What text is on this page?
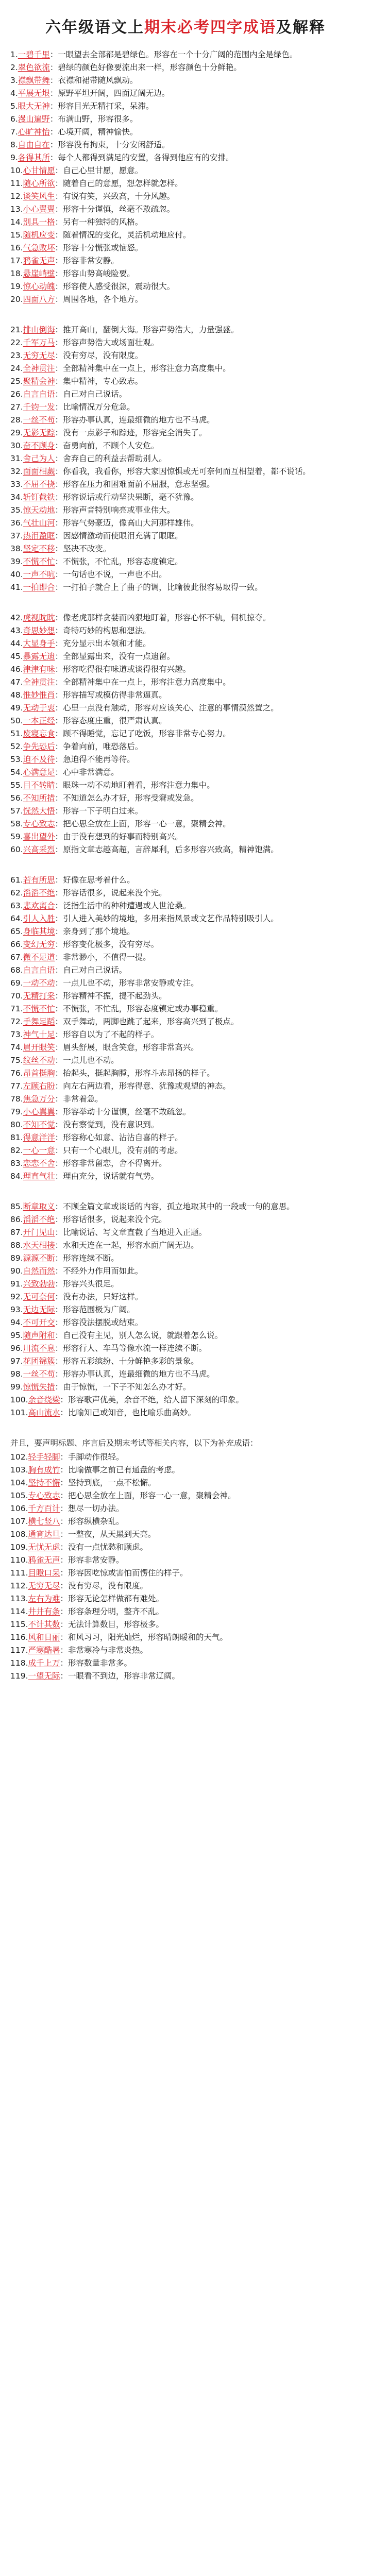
六年级语文上期末必考四字成语及解释

1.一碧千里：一眼望去全部都是碧绿色。形容在一个十分广阔的范围内全是绿色。

2.翠色欲流：碧绿的颜色好像要流出来一样，形容颜色十分鲜艳。

3.襟飘带舞：衣襟和裙带随风飘动。

4.平展无垠：原野平坦开阔，四面辽阔无边。

5.眼大无神：形容目光无精打采，呆滞。

6.漫山遍野：布满山野，形容很多。

7.心旷神怡：心境开阔，精神愉快。

8.自由自在：形容没有拘束，十分安闲舒适。

9.各得其所：每个人都得到满足的安置，各得到他应有的安排。

10.心甘情愿：自己心里甘愿，愿意。

11.随心所欲：随着自己的意愿，想怎样就怎样。

12.谈笑风生：有说有笑，兴致高，十分风趣。

13.小心翼翼：形容十分谨慎，丝毫不敢疏忽。

14.别具一格：另有一种独特的风格。

15.随机应变：随着情况的变化，灵活机动地应付。

16.气急败坏：形容十分慌张或恼怒。

17.鸦雀无声：形容非常安静。

18.悬崖峭壁：形容山势高峻险要。

19.惊心动魄：形容使人感受很深，震动很大。

20.四面八方：周围各地，各个地方。

21.排山倒海：推开高山，翻倒大海。形容声势浩大，力量强盛。

22.千军万马：形容声势浩大或场面壮观。

23.无穷无尽：没有穷尽，没有限度。

24.全神贯注：全部精神集中在一点上，形容注意力高度集中。

25.聚精会神：集中精神，专心致志。

26.自言自语：自己对自己说话。

27.千钧一发：比喻情况万分危急。

28.一丝不苟：形容办事认真，连最细微的地方也不马虎。

29.无影无踪：没有一点影子和踪迹，形容完全消失了。

30.奋不顾身：奋勇向前，不顾个人安危。

31.舍己为人：舍弃自己的利益去帮助别人。

32.面面相觑：你看我，我看你，形容大家因惊惧或无可奈何而互相望着，都不说话。

33.不屈不挠：形容在压力和困难面前不屈服，意志坚强。

34.斩钉截铁：形容说话或行动坚决果断，毫不犹豫。

35.惊天动地：形容声音特别响亮或事业伟大。

36.气壮山河：形容气势豪迈，像高山大河那样雄伟。

37.热泪盈眶：因感情激动而使眼泪充满了眼眶。

38.坚定不移：坚决不改变。

39.不慌不忙：不慌张，不忙乱，形容态度镇定。

40.一声不吭：一句话也不说，一声也不出。

41.一拍即合：一打拍子就合上了曲子的调，比喻彼此很容易取得一致。

42.虎视眈眈：像老虎那样贪婪而凶狠地盯着，形容心怀不轨，伺机掠夺。

43.奇思妙想：奇特巧妙的构思和想法。

44.大显身手：充分显示出本领和才能。

45.暴露无遗：全部显露出来，没有一点遗留。

46.津津有味：形容吃得很有味道或谈得很有兴趣。

47.全神贯注：全部精神集中在一点上，形容注意力高度集中。

48.惟妙惟肖：形容描写或模仿得非常逼真。

49.无动于衷：心里一点没有触动，形容对应该关心、注意的事情漠然置之。

50.一本正经：形容态度庄重，很严肃认真。

51.废寝忘食：顾不得睡觉，忘记了吃饭，形容非常专心努力。

52.争先恐后：争着向前，唯恐落后。

53.迫不及待：急迫得不能再等待。

54.心满意足：心中非常满意。

55.目不转睛：眼珠一动不动地盯着看，形容注意力集中。

56.不知所措：不知道怎么办才好，形容受窘或发急。

57.恍然大悟：形容一下子明白过来。

58.专心致志：把心思全放在上面，形容一心一意，聚精会神。

59.喜出望外：由于没有想到的好事而特别高兴。

60.兴高采烈：原指文章志趣高超，言辞犀利，后多形容兴致高，精神饱满。

61.若有所思：好像在思考着什么。

62.滔滔不绝：形容话很多，说起来没个完。

63.悲欢离合：泛指生活中的种种遭遇或人世沧桑。

64.引人入胜：引人进入美妙的境地，多用来指风景或文艺作品特别吸引人。

65.身临其境：亲身到了那个境地。

66.变幻无穷：形容变化极多，没有穷尽。

67.微不足道：非常渺小，不值得一提。

68.自言自语：自己对自己说话。

69.一动不动：一点儿也不动，形容非常安静或专注。

70.无精打采：形容精神不振，提不起劲头。

71.不慌不忙：不慌张，不忙乱，形容态度镇定或办事稳重。

72.手舞足蹈：双手舞动，两脚也跳了起来，形容高兴到了极点。

73.神气十足：形容自以为了不起的样子。

74.眉开眼笑：眉头舒展，眼含笑意，形容非常高兴。

75.纹丝不动：一点儿也不动。

76.昂首挺胸：抬起头，挺起胸膛，形容斗志昂扬的样子。

77.左顾右盼：向左右两边看，形容得意、犹豫或观望的神态。

78.焦急万分：非常着急。

79.小心翼翼：形容举动十分谨慎，丝毫不敢疏忽。

80.不知不觉：没有察觉到，没有意识到。

81.得意洋洋：形容称心如意、沾沾自喜的样子。

82.一心一意：只有一个心眼儿，没有别的考虑。

83.恋恋不舍：形容非常留恋，舍不得离开。

84.理直气壮：理由充分，说话就有气势。

85.断章取义：不顾全篇文章或谈话的内容，孤立地取其中的一段或一句的意思。

86.滔滔不绝：形容话很多，说起来没个完。

87.开门见山：比喻说话、写文章直截了当地进入正题。

88.水天相接：水和天连在一起，形容水面广阔无边。

89.源源不断：形容连续不断。

90.自然而然：不经外力作用而如此。

91.兴致勃勃：形容兴头很足。

92.无可奈何：没有办法，只好这样。

93.无边无际：形容范围极为广阔。

94.不可开交：形容没法摆脱或结束。

95.随声附和：自己没有主见，别人怎么说，就跟着怎么说。

96.川流不息：形容行人、车马等像水流一样连续不断。

97.花团锦簇：形容五彩缤纷、十分鲜艳多彩的景象。

98.一丝不苟：形容办事认真，连最细微的地方也不马虎。

99.惊慌失措：由于惊慌，一下子不知怎么办才好。

100.余音绕梁：形容歌声优美，余音不绝，给人留下深刻的印象。

101.高山流水：比喻知己或知音，也比喻乐曲高妙。

并且，要声明标题、序言后及期末考试等相关内容，以下为补充成语：

102.轻手轻脚：手脚动作很轻。

103.胸有成竹：比喻做事之前已有通盘的考虑。

104.坚持不懈：坚持到底，一点不松懈。

105.专心致志：把心思全放在上面，形容一心一意，聚精会神。

106.千方百计：想尽一切办法。

107.横七竖八：形容纵横杂乱。

108.通宵达旦：一整夜，从天黑到天亮。

109.无忧无虑：没有一点忧愁和顾虑。

110.鸦雀无声：形容非常安静。

111.目瞪口呆：形容因吃惊或害怕而愣住的样子。

112.无穷无尽：没有穷尽，没有限度。

113.左右为难：形容无论怎样做都有难处。

114.井井有条：形容条理分明，整齐不乱。

115.不计其数：无法计算数目，形容极多。

116.风和日丽：和风习习，阳光灿烂，形容晴朗暖和的天气。

117.严寒酷暑：非常寒冷与非常炎热。

118.成千上万：形容数量非常多。

119.一望无际：一眼看不到边，形容非常辽阔。
